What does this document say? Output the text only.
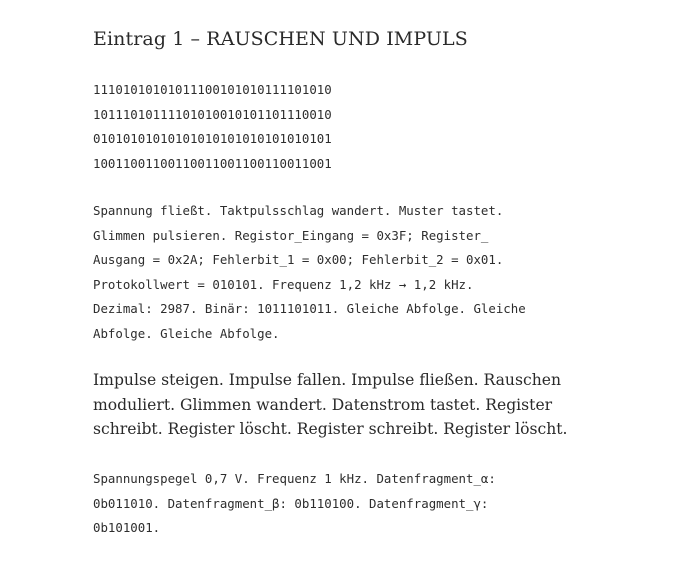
Eintrag 1 – RAUSCHEN UND IMPULS
11101010101011100101010111101010
10111010111101010010101101110010
01010101010101010101010101010101
10011001100110011001100110011001
Spannung fließt. Taktpulsschlag wandert. Muster tastet.
Glimmen pulsieren. Registor_Eingang = 0x3F; Register_
Ausgang = 0x2A; Fehlerbit_1 = 0x00; Fehlerbit_2 = 0x01.
Protokollwert = 010101. Frequenz 1,2 kHz → 1,2 kHz.
Dezimal: 2987. Binär: 1011101011. Gleiche Abfolge. Gleiche
Abfolge. Gleiche Abfolge.
Impulse steigen. Impulse fallen. Impulse fließen. Rauschen
moduliert. Glimmen wandert. Datenstrom tastet. Register
schreibt. Register löscht. Register schreibt. Register löscht.
Spannungspegel 0,7 V. Frequenz 1 kHz. Datenfragment_α:
0b011010. Datenfragment_β: 0b110100. Datenfragment_γ:
0b101001.
